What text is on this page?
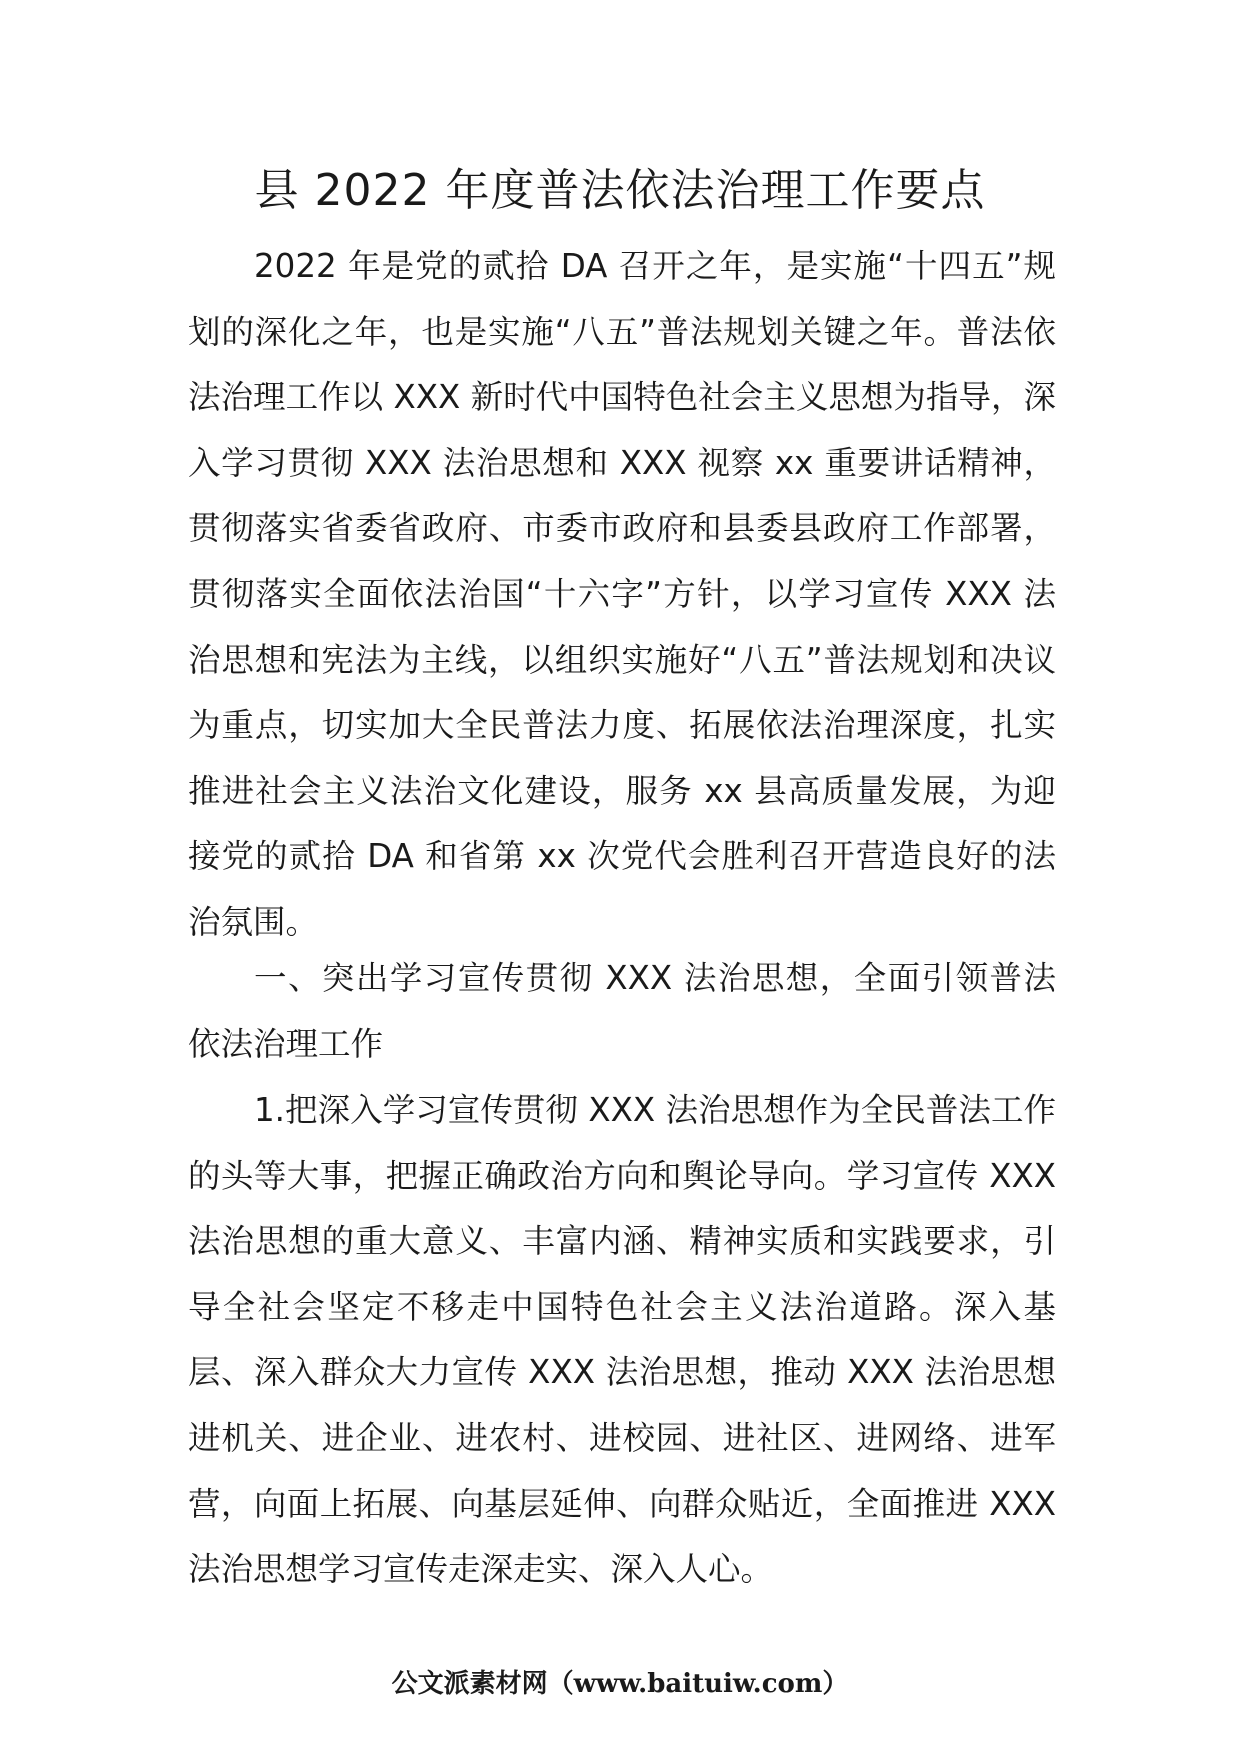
县 2022 年度普法依法治理工作要点

2022 年是党的贰拾 DA 召开之年，是实施“十四五”规划的深化之年，也是实施“八五”普法规划关键之年。普法依法治理工作以 XXX 新时代中国特色社会主义思想为指导，深入学习贯彻 XXX 法治思想和 XXX 视察 xx 重要讲话精神，贯彻落实省委省政府、市委市政府和县委县政府工作部署，贯彻落实全面依法治国“十六字”方针，以学习宣传 XXX 法治思想和宪法为主线，以组织实施好“八五”普法规划和决议为重点，切实加大全民普法力度、拓展依法治理深度，扎实推进社会主义法治文化建设，服务 xx 县高质量发展，为迎接党的贰拾 DA 和省第 xx 次党代会胜利召开营造良好的法治氛围。

一、突出学习宣传贯彻 XXX 法治思想，全面引领普法依法治理工作

1.把深入学习宣传贯彻 XXX 法治思想作为全民普法工作的头等大事，把握正确政治方向和舆论导向。学习宣传 XXX 法治思想的重大意义、丰富内涵、精神实质和实践要求，引导全社会坚定不移走中国特色社会主义法治道路。深入基层、深入群众大力宣传 XXX 法治思想，推动 XXX 法治思想进机关、进企业、进农村、进校园、进社区、进网络、进军营，向面上拓展、向基层延伸、向群众贴近，全面推进 XXX 法治思想学习宣传走深走实、深入人心。

公文派素材网（www.baituiw.com）
